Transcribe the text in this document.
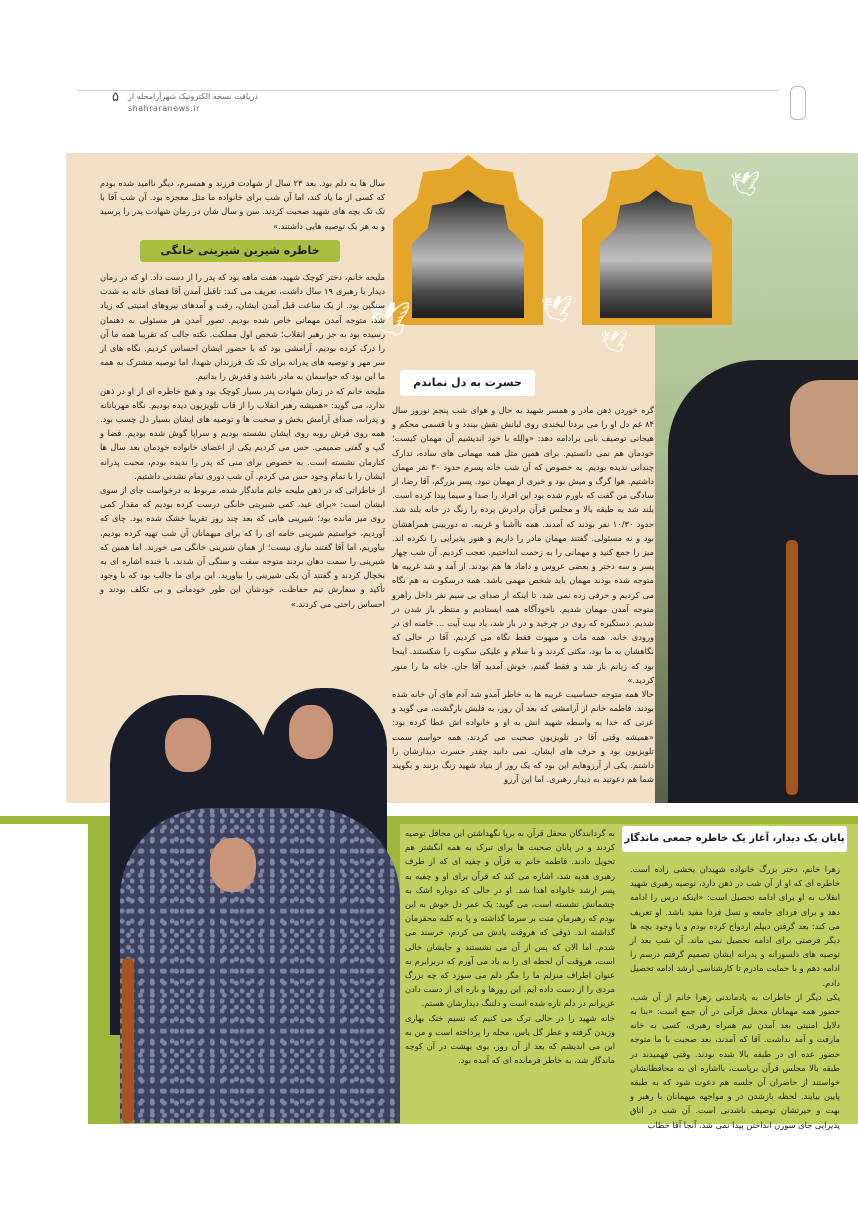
۵ دریافت نسخه الکترونیک شهرآرامحله از
shahraranews.ir
🕊	🕊
🕊
🕊

سال ها به دلم بود. بعد ۲۳ سال از شهادت فرزند و همسرم، دیگر ناامید شده بودم که کسی از ما یاد کند، اما آن شب برای خانواده ما مثل معجزه بود. آن شب آقا با تک تک بچه های شهید صحبت کردند. سن و سال شان در زمان شهادت پدر را پرسید و به هر یک توصیه هایی داشتند.»

خاطره شیرین شیرینی خانگی

ملیحه خانم، دختر کوچک شهید، هفت ماهه بود که پدر را از دست داد. او که در زمان دیدار با رهبری ۱۹ سال داشت، تعریف می کند: تاقبل آمدن آقا فضای خانه به شدت سنگین بود. از یک ساعت قبل آمدن ایشان، رفت و آمدهای نیروهای امنیتی که زیاد شد، متوجه آمدن مهمانی خاص شده بودیم. تصور آمدن هر مسئولی به ذهنمان رسیده بود به جز رهبر انقلاب؛ شخص اول مملکت. نکته جالب که تقریبا همه ما آن را درک کرده بودیم، آرامشی بود که با حضور ایشان احساس کردیم. نگاه های از سر مهر و توصیه های پدرانه برای تک تک فرزندان شهدا، اما توصیه مشترک به همه ما این بود که حواسمان به مادر باشد و قدرش را بدانیم.

ملیحه خانم که در زمان شهادت پدر بسیار کوچک بود و هیچ خاطره ای از او در ذهن ندارد، می گوید: «همیشه رهبر انقلاب را از قاب تلویزیون دیده بودیم. نگاه مهربانانه و پدرانه، صدای آرامش بخش و صحبت ها و توصیه های ایشان بسیار دل چسب بود. همه روی فرش روبه روی ایشان نشسته بودیم و سراپا گوش شده بودیم. فضا و گپ و گفتی صمیمی. حس می کردیم یکی از اعضای خانواده خودمان بعد سال ها کنارمان نشسته است. به خصوص برای منی که پدر را ندیده بودم، محبت پدرانه ایشان را با تمام وجود حس می کردم. آن شب دوری تمام نشدنی داشتیم.

از خاطراتی که در ذهن ملیحه خانم ماندگار شده، مربوط به درخواست چای از سوی ایشان است: «برای عید، کمی شیرینی خانگی درست کرده بودیم که مقدار کمی روی میز مانده بود؛ شیرینی هایی که بعد چند روز تقریبا خشک شده بود. چای که آوردیم، خواستیم شیرینی خامه ای را که برای میهمانان آن شب تهیه کرده بودیم، بیاوریم، اما آقا گفتند نیازی نیست؛ از همان شیرینی خانگی می خورند. اما همین که شیرینی را سمت دهان بردند متوجه سفت و سنگی آن شدند، با خنده اشاره ای به بخچال کردند و گفتند آن یکی شیرینی را بیاورید. این برای ما جالب بود که با وجود تأکید و سفارش تیم حفاظت، خودشان این طور خودمانی و بی تکلف بودند و احساس راحتی می کردند.»

حسرت به دل نماندم

گره خوردن ذهن مادر و همسر شهید به حال و هوای شب پنجم نوروز سال ۸۴ غم دل او را می بردتا لبخندی روی لبانش نقش ببندد و با قسمی محکم و هیجانی توصیف نابی برادامه دهد: «والله با خود اندیشیم آن مهمان کیست؛ خودمان هم نمی دانستیم. برای همین مثل همه مهمانی های ساده، تدارک چندانی ندیده بودیم. به خصوص که آن شب خانه پسرم حدود ۳۰ نفر مهمان داشتیم. هوا گرگ و میش بود و خبری از مهمان نبود. پسر بزرگم، آقا رضا، از سادگی من گفت که باورم شده بود این افراد را صدا و سیما پیدا کرده است. بلند شد به طبقه بالا و مجلس قرآن برادرش پرده را زنگ در خانه بلند شد. حدود ۱۰/۳۰ نفر بودند که آمدند. همه ناآشنا و غریبه. نه دوربینی همراهشان بود و نه مسئولی. گفتند مهمان مادر را داریم و هنوز پذیرایی را نکرده اند. میز را جمع کنید و مهمانی را به زحمت انداختیم. تعجب کردیم. آن شب چهار پسر و سه دختر و بعضی عروس و داماد ها هم بودند. از آمد و شد غریبه ها متوجه شده بودند مهمان باید شخص مهمی باشد. همه درسکوت به هم نگاه می کردیم و حرفی زده نمی شد. تا اینکه از صدای بی سیم نفر داخل راهرو متوجه آمدن مهمان شدیم. ناخودآگاه همه ایستادیم و منتظر باز شدن در شدیم. دستگیره که روی در چرخید و در باز شد، یاد بیت آیت ... خامنه ای در ورودی خانه. همه مات و مبهوت فقط نگاه می کردیم. آقا در حالی که نگاهشان به ما بود، مکثی کردند و با سلام و علیکی سکوت را شکستند. اینجا بود که زبانم باز شد و فقط گفتم، خوش آمدید آقا جان. خانه ما را منور کردید.»

حالا همه متوجه حساسیت غریبه ها به خاطر آمدو شد آدم های آن خانه شده بودند. فاطمه خانم از آرامشی که بعد آن روز، به قلبش بازگشت، می گوید و عزتی که خدا به واسطه شهید انش به او و خانواده اش عطا کرده بود: «همیشه وقتی آقا در تلویزیون صحبت می کردند، همه حواسم سمت تلویزیون بود و حرف های ایشان. نمی دانید چقدر حسرت دیدارشان را داشتم. یکی از آرزوهایم این بود که یک روز از بنیاد شهید زنگ بزنند و بگویند شما هم دعوتید به دیدار رهبری. اما این آرزو

به گردانندگان محفل قرآن به برپا نگهداشتن این محافل توصیه کردند و در پایان صحبت ها برای تبرک به همه انگشتر هم تحویل دادند. فاطمه خانم به قرآن و چفیه ای که از طرف رهبری هدیه شد، اشاره می کند که قرآن برای او و چفیه به پسر ارشد خانواده اهدا شد. او در حالی که دوباره اشک به چشمانش نشسته است، می گوید: یک عمر دل خوش به این بودم که رهبرمان منت بر سرما گذاشته و پا به کلبه محقرمان گذاشته اند. ذوقی که هروقت یادش می کردم، خرسند می شدم. اما الان که پس از آن می نشستند و جایشان خالی است، هروقت آن لحظه ای را به یاد می آورم که دربرابرم به عنوان اطراف منزلم ما را مگر دلم می سوزد که چه بزرگ مردی را از دست داده ایم. این روزها و باره ای از دست دادن عزیزانم در دلم تازه شده است و دلتنگ دیدارشان هستم.

خانه شهید را در حالی ترک می کنیم که نسیم خنک بهاری وزیدن گرفته و عطر گل یاس، محله را پرداخته است و من به این می اندیشم که بعد از آن روز، بوی بهشت در آن کوچه ماندگار شد، به خاطر فرمانده ای که آمده بود.

پایان یک دیدار، آغاز یک خاطره جمعی ماندگار

زهرا خانم، دختر بزرگ خانواده شهیدان بخشی زاده است. خاطره ای که او از آن شب در ذهن دارد، توصیه رهبری شهید انقلاب به او برای ادامه تحصیل است: «اینکه درس را ادامه دهد و برای فردای جامعه و نسل فردا مفید باشد. او تعریف می کند: بعد گرفتن دیپلم ازدواج کرده بودم و با وجود بچه ها دیگر فرصتی برای ادامه تحصیل نمی ماند. آن شب بعد از توصیه های دلسوزانه و پدرانه ایشان تصمیم گرفتم درسم را ادامه دهم و با حمایت مادرم تا کارشناسی ارشد ادامه تحصیل دادم.

یکی دیگر از خاطرات به یادماندنی زهرا خانم از آن شب، حضور همه مهمانان محفل قرآنی در آن جمع است: «بنا به دلایل امنیتی بعد آمدن تیم همراه رهبری، کسی به خانه مارفت و آمد نداشت. آقا که آمدند، بعد صحبت با ما متوجه حضور عده ای در طبقه بالا شده بودند. وقتی فهمیدند در طبقه بالا مجلس قرآن برپاست، بااشاره ای به محافظانشان خواستند از حاضران آن جلسه هم دعوت شود که به طبقه پایین بیایند. لحظه بازشدن در و مواجهه میهمانان با رهبر و بهت و حیرتشان توصیف ناشدنی است. آن شب در اتاق پذیرایی جای سوزن انداختن پیدا نمی شد. آنجا آقا خطاب
